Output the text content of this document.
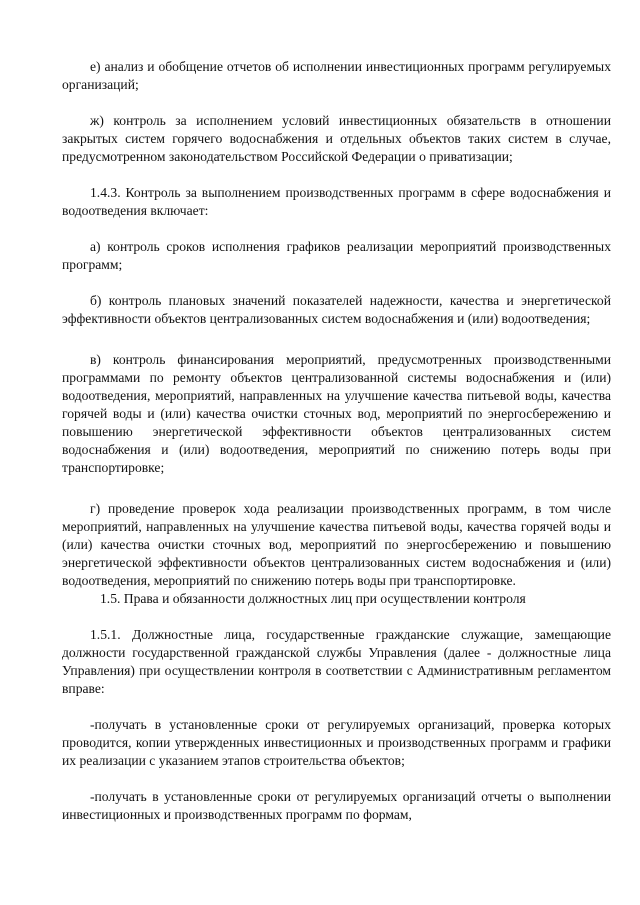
е) анализ и обобщение отчетов об исполнении инвестиционных программ регулируемых организаций;

ж) контроль за исполнением условий инвестиционных обязательств в отношении закрытых систем горячего водоснабжения и отдельных объектов таких систем в случае, предусмотренном законодательством Российской Федерации о приватизации;

1.4.3. Контроль за выполнением производственных программ в сфере водоснабжения и водоотведения включает:

а) контроль сроков исполнения графиков реализации мероприятий производственных программ;

б) контроль плановых значений показателей надежности, качества и энергетической эффективности объектов централизованных систем водоснабжения и (или) водоотведения;

в) контроль финансирования мероприятий, предусмотренных производственными программами по ремонту объектов централизованной системы водоснабжения и (или) водоотведения, мероприятий, направленных на улучшение качества питьевой воды, качества горячей воды и (или) качества очистки сточных вод, мероприятий по энергосбережению и повышению энергетической эффективности объектов централизованных систем водоснабжения и (или) водоотведения, мероприятий по снижению потерь воды при транспортировке;

г) проведение проверок хода реализации производственных программ, в том числе мероприятий, направленных на улучшение качества питьевой воды, качества горячей воды и (или) качества очистки сточных вод, мероприятий по энергосбережению и повышению энергетической эффективности объектов централизованных систем водоснабжения и (или) водоотведения, мероприятий по снижению потерь воды при транспортировке.

1.5. Права и обязанности должностных лиц при осуществлении контроля

1.5.1. Должностные лица, государственные гражданские служащие, замещающие должности государственной гражданской службы Управления (далее - должностные лица Управления) при осуществлении контроля в соответствии с Административным регламентом вправе:

-получать в установленные сроки от регулируемых организаций, проверка которых проводится, копии утвержденных инвестиционных и производственных программ и графики их реализации с указанием этапов строительства объектов;

-получать в установленные сроки от регулируемых организаций отчеты о выполнении инвестиционных и производственных программ по формам,
